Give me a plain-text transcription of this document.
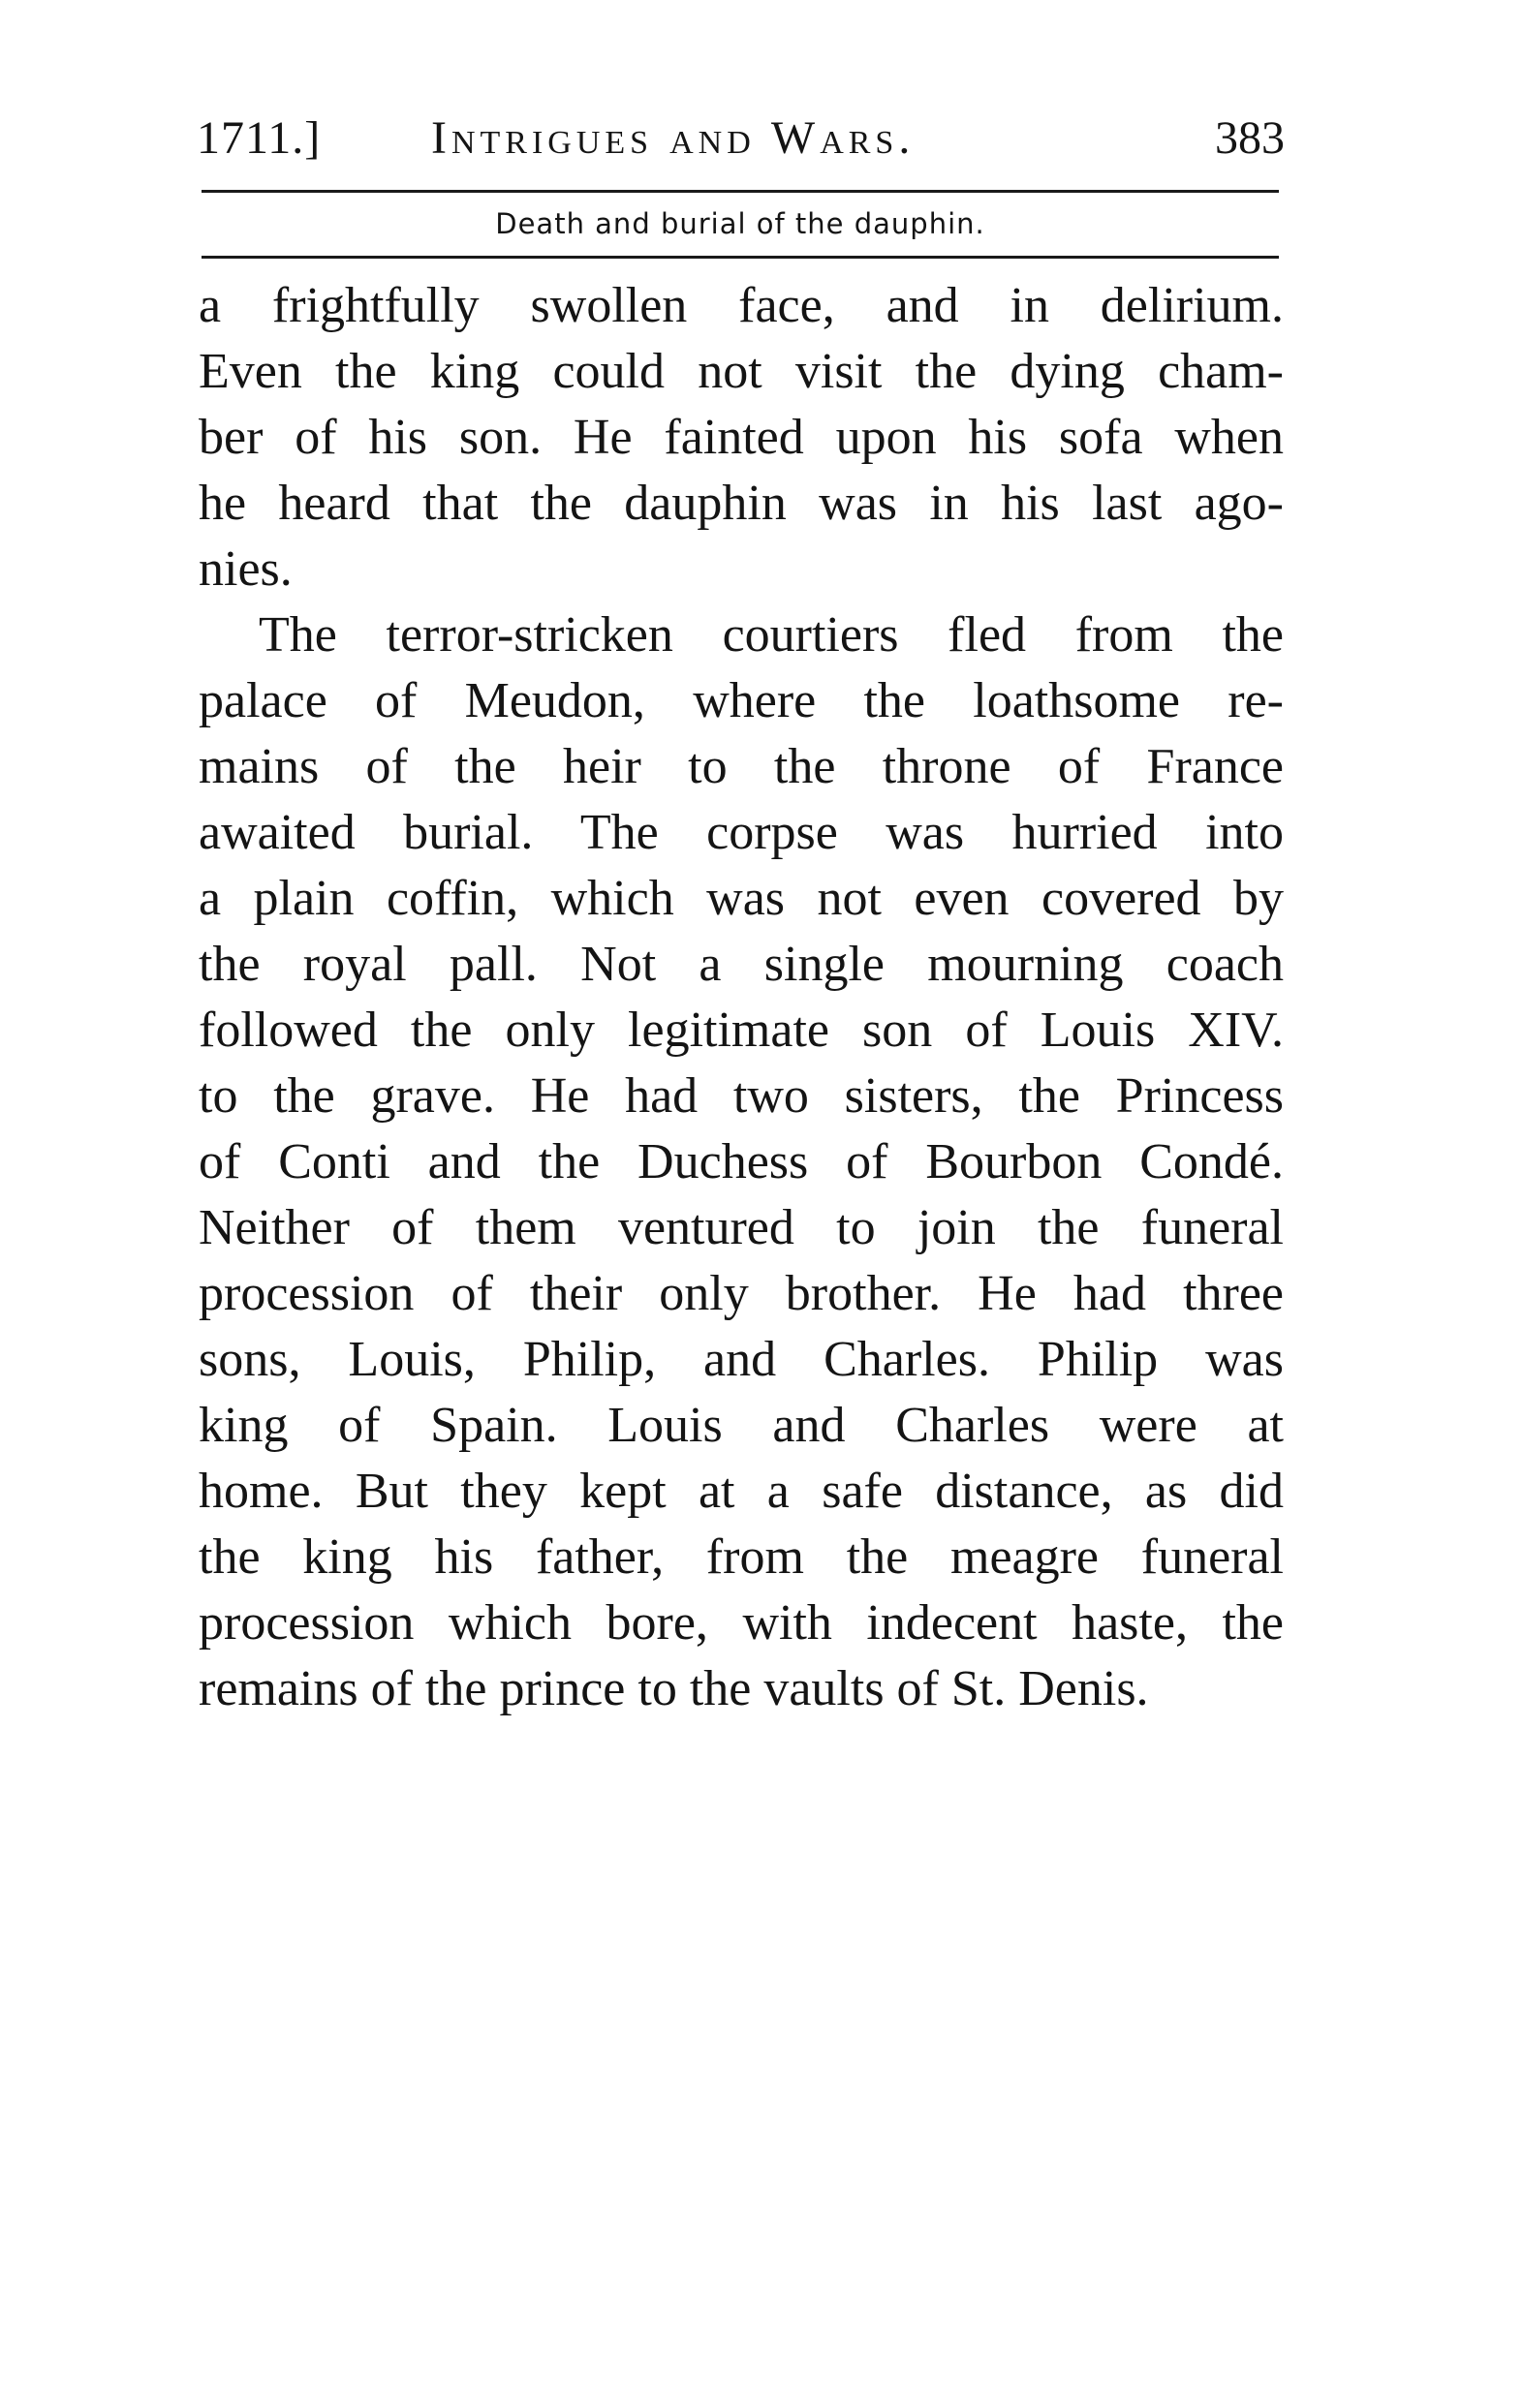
1711.] Intrigues and Wars.	383
Death and burial of the dauphin.
a frightfully swollen face, and in delirium.
Even the king could not visit the dying cham-
ber of his son. He fainted upon his sofa when
he heard that the dauphin was in his last ago-
nies.
The terror-stricken courtiers fled from the
palace of Meudon, where the loathsome re-
mains of the heir to the throne of France
awaited burial. The corpse was hurried into
a plain coffin, which was not even covered by
the royal pall. Not a single mourning coach
followed the only legitimate son of Louis XIV.
to the grave. He had two sisters, the Princess
of Conti and the Duchess of Bourbon Condé.
Neither of them ventured to join the funeral
procession of their only brother. He had three
sons, Louis, Philip, and Charles. Philip was
king of Spain. Louis and Charles were at
home. But they kept at a safe distance, as did
the king his father, from the meagre funeral
procession which bore, with indecent haste, the
remains of the prince to the vaults of St. Denis.
